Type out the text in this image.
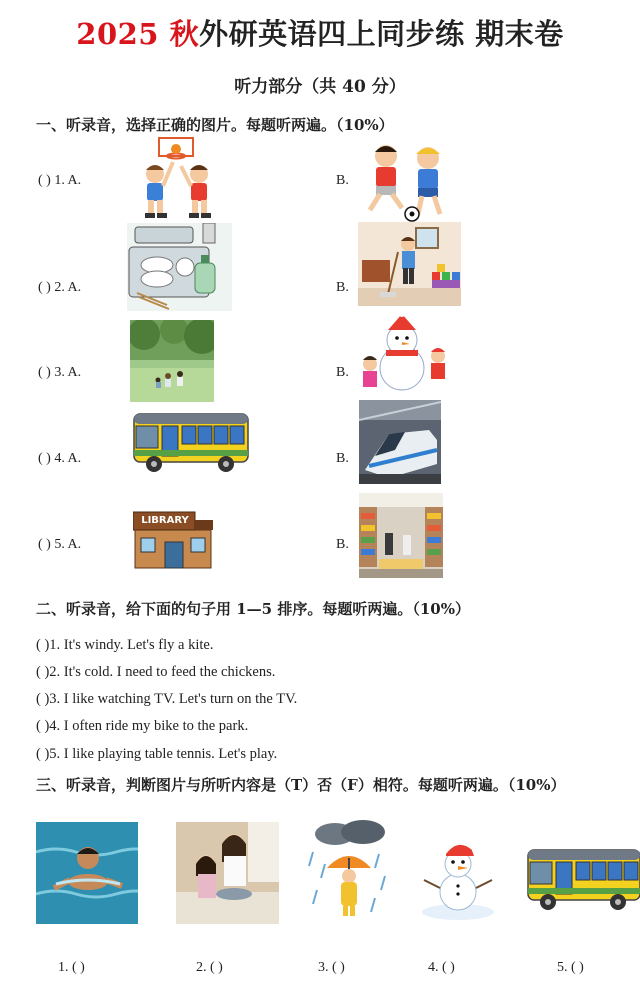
2025 秋外研英语四上同步练 期末卷
听力部分（共 40 分）
一、听录音，选择正确的图片。每题听两遍。（10%）
( ) 1. A.	B.
( ) 2. A.	B.
( ) 3. A.	B.
( ) 4. A.	B.
( ) 5. A.	B.
LIBRARY
二、听录音，给下面的句子用 1—5 排序。每题听两遍。（10%）
( )1. It's windy. Let's fly a kite.
( )2. It's cold. I need to feed the chickens.
( )3. I like watching TV. Let's turn on the TV.
( )4. I often ride my bike to the park.
( )5. I like playing table tennis. Let's play.
三、听录音，判断图片与所听内容是（T）否（F）相符。每题听两遍。（10%）
1. ( )	2. ( )	3. ( )	4. ( )	5. ( )
